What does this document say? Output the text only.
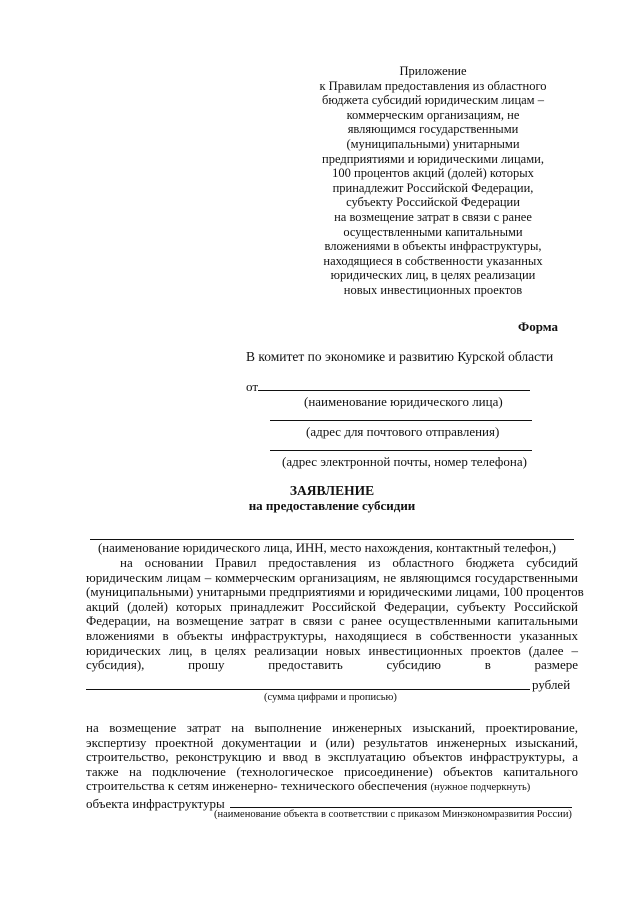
Приложение
к Правилам предоставления из областного
бюджета субсидий юридическим лицам –
коммерческим организациям, не
являющимся государственными
(муниципальными) унитарными
предприятиями и юридическими лицами,
100 процентов акций (долей) которых
принадлежит Российской Федерации,
субъекту Российской Федерации
на возмещение затрат в связи с ранее
осуществленными капитальными
вложениями в объекты инфраструктуры,
находящиеся в собственности указанных
юридических лиц, в целях реализации
новых инвестиционных проектов
Форма
В комитет по экономике и развитию Курской области
от
(наименование юридического лица)
(адрес для почтового отправления)
(адрес электронной почты, номер телефона)
ЗАЯВЛЕНИЕ
на предоставление субсидии
(наименование юридического лица, ИНН, место нахождения, контактный телефон,)
на основании Правил предоставления из областного бюджета субсидий
юридическим лицам – коммерческим организациям, не являющимся государственными
(муниципальными) унитарными предприятиями и юридическими лицами, 100 процентов
акций (долей) которых принадлежит Российской Федерации, субъекту Российской
Федерации, на возмещение затрат в связи с ранее осуществленными капитальными
вложениями в объекты инфраструктуры, находящиеся в собственности указанных
юридических лиц, в целях реализации новых инвестиционных проектов (далее –
субсидия), прошу предоставить субсидию в размере
рублей
(сумма цифрами и прописью)
на возмещение затрат на выполнение инженерных изысканий, проектирование,
экспертизу проектной документации и (или) результатов инженерных изысканий,
строительство, реконструкцию и ввод в эксплуатацию объектов инфраструктуры, а
также на подключение (технологическое присоединение) объектов капитального
строительства к сетям инженерно- технического обеспечения (нужное подчеркнуть)
объекта инфраструктуры
(наименование объекта в соответствии с приказом Минэкономразвития России)
